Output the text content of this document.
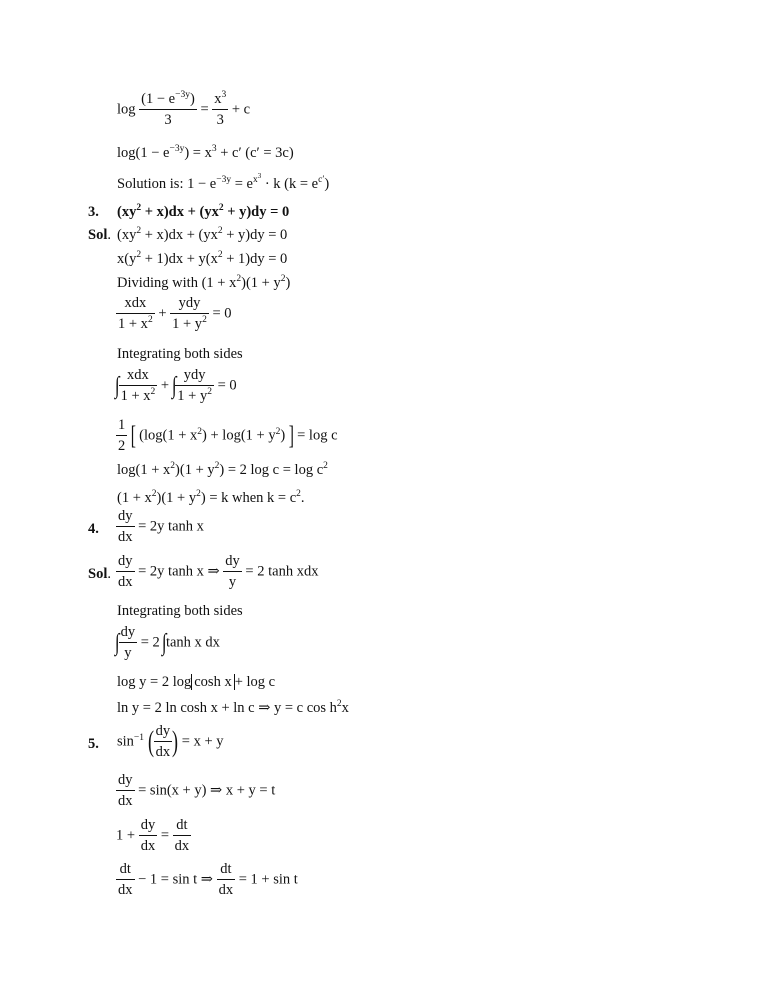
$\log \frac{(1 - e^{-3y})}{3} = \frac{x^3}{3} + c$
$\log(1 - e^{-3y}) = x^3 + c'$ (c′ = 3c)
Solution is: $1 - e^{-3y} = e^{x^3} \cdot k$ $(k = e^{c'})$
3. $(xy^2 + x)dx + (yx^2 + y)dy = 0$
Sol. $(xy^2 + x)dx + (yx^2 + y)dy = 0$
$x(y^2 + 1)dx + y(x^2 + 1)dy = 0$
Dividing with $(1 + x^2)(1 + y^2)$
$\frac{\text{xdx}}{1 + x^2} + \frac{\text{ydy}}{1 + y^2} = 0$
Integrating both sides
∫
$\frac{\text{xdx}}{1 + x^2}$ + ∫
$\frac{\text{ydy}}{1 + y^2} = 0$
$\frac{1}{2}$ [ ($\log(1 + x^2) + \log(1 + y^2)$ ] = log c
$\log(1 + x^2)(1 + y^2) = 2$ $\log c = \log c^2$
$(1 + x^2)(1 + y^2) = k$ when $k = c^2$.
4. $\frac{dy}{dx} = 2y$ tanh x
Sol. $\frac{dy}{dx} = 2y$ tanh x ⇒ $\frac{dy}{y} = 2$ tanh xdx
Integrating both sides
∫
$\frac{dy}{y} = 2$ ∫tanh x dx
log y = 2 log cosh x + log c
ln y = 2 ln cosh x + ln c ⇒ y = c $\cos h^2x$
5. $\sin^{-1}$ ( $\frac{dy}{dx}$ ) = x + y
$\frac{dy}{dx} = \sin(x + y)$ ⇒ x + y = t
$1 + \frac{dy}{dx} = \frac{dt}{dx}$
$\frac{dt}{dx} - 1 = \sin t$ ⇒ $\frac{dt}{dx} = 1 + \sin t$
